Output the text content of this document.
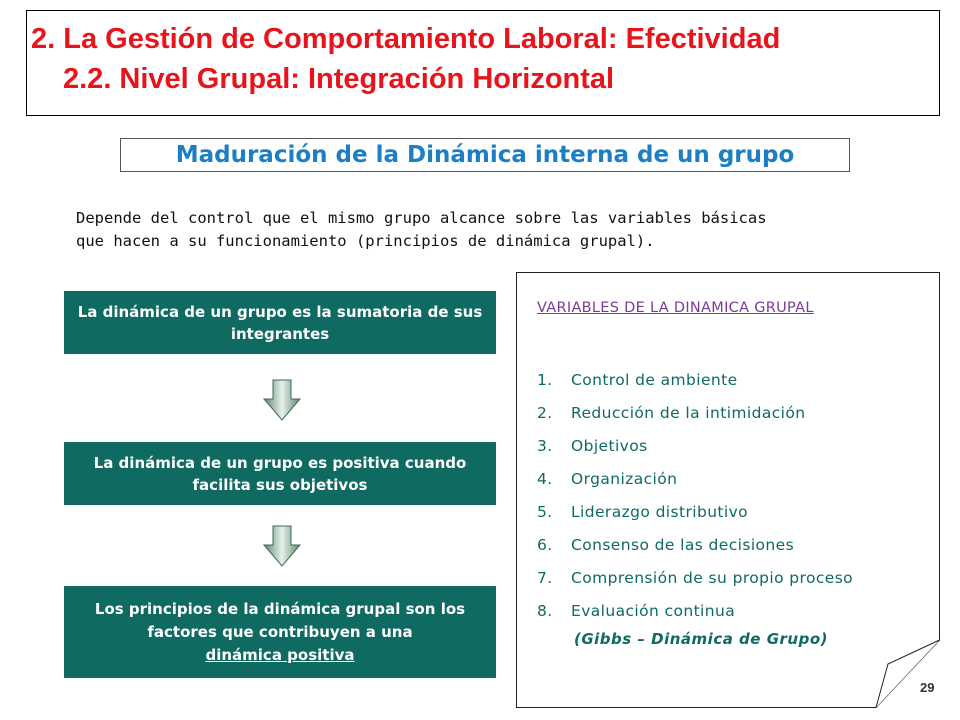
2. La Gestión de Comportamiento Laboral: Efectividad
2.2. Nivel Grupal: Integración Horizontal
Maduración de la Dinámica interna de un grupo

Depende del control que el mismo grupo alcance sobre las variables básicas
que hacen a su funcionamiento (principios de dinámica grupal).

La dinámica de un grupo es la sumatoria de sus integrantes
La dinámica de un grupo es positiva cuando facilita sus objetivos
Los principios de la dinámica grupal son los factores que contribuyen a una
dinámica positiva

VARIABLES DE LA DINAMICA GRUPAL

1. Control de ambiente
2. Reducción de la intimidación
3. Objetivos
4. Organización
5. Liderazgo distributivo
6. Consenso de las decisiones
7. Comprensión de su propio proceso
8. Evaluación continua

(Gibbs – Dinámica de Grupo)

29
